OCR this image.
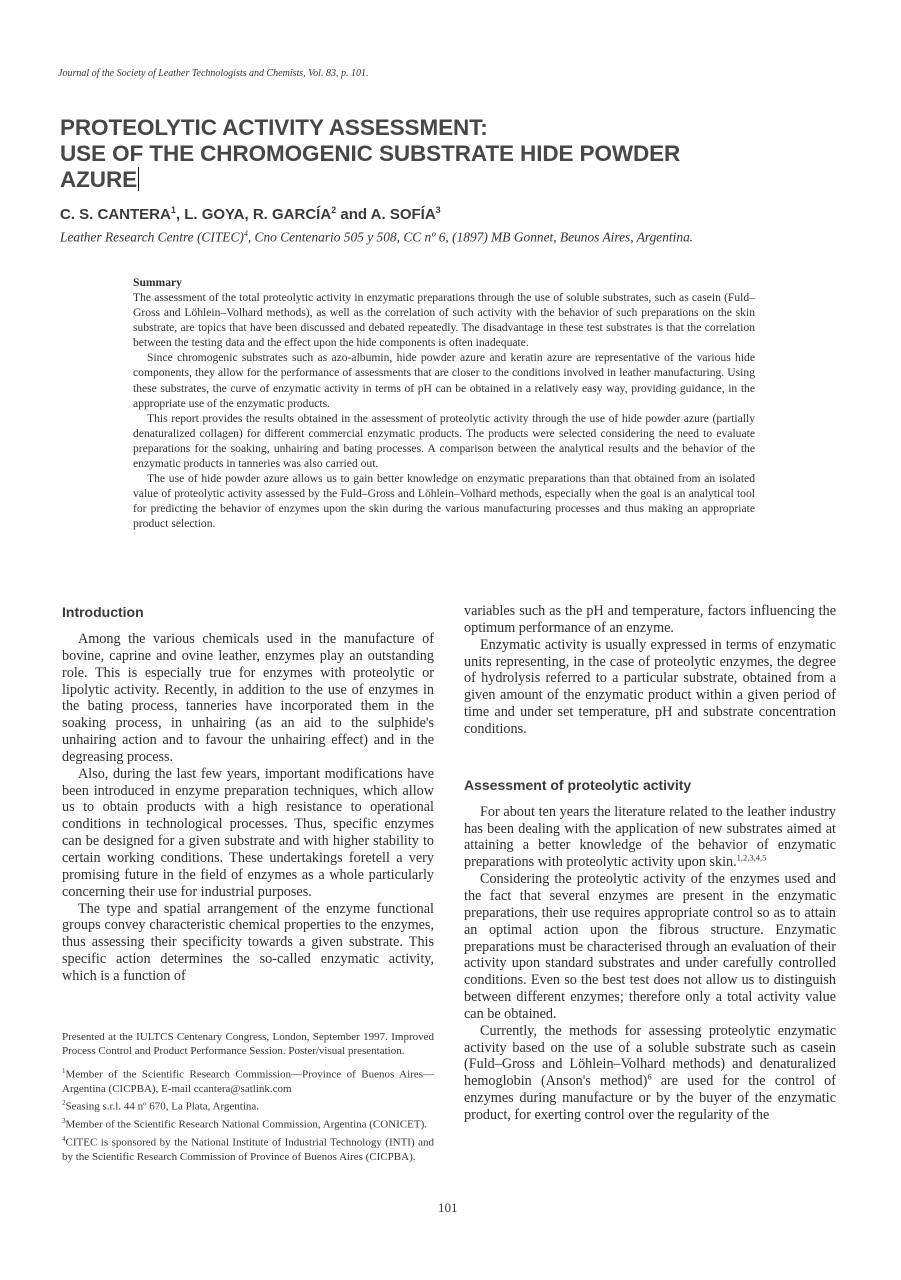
Journal of the Society of Leather Technologists and Chemists, Vol. 83, p. 101.
PROTEOLYTIC ACTIVITY ASSESSMENT:
USE OF THE CHROMOGENIC SUBSTRATE HIDE POWDER
AZURE
C. S. CANTERA$^1$, L. GOYA, R. GARCÍA$^2$ and A. SOFÍA$^3$
Leather Research Centre (CITEC)$^4$, Cno Centenario 505 y 508, CC nº 6, (1897) MB Gonnet, Beunos Aires, Argentina.
Summary

The assessment of the total proteolytic activity in enzymatic preparations through the use of soluble substrates, such as casein (Fuld–Gross and Löhlein–Volhard methods), as well as the correlation of such activity with the behavior of such preparations on the skin substrate, are topics that have been discussed and debated repeatedly. The disadvantage in these test substrates is that the correlation between the testing data and the effect upon the hide components is often inadequate.

Since chromogenic substrates such as azo-albumin, hide powder azure and keratin azure are representative of the various hide components, they allow for the performance of assessments that are closer to the conditions involved in leather manufacturing. Using these substrates, the curve of enzymatic activity in terms of pH can be obtained in a relatively easy way, providing guidance, in the appropriate use of the enzymatic products.

This report provides the results obtained in the assessment of proteolytic activity through the use of hide powder azure (partially denaturalized collagen) for different commercial enzymatic products. The products were selected considering the need to evaluate preparations for the soaking, unhairing and bating processes. A comparison between the analytical results and the behavior of the enzymatic products in tanneries was also carried out.

The use of hide powder azure allows us to gain better knowledge on enzymatic preparations than that obtained from an isolated value of proteolytic activity assessed by the Fuld–Gross and Löhlein–Volhard methods, especially when the goal is an analytical tool for predicting the behavior of enzymes upon the skin during the various manufacturing processes and thus making an appropriate product selection.

Introduction

Among the various chemicals used in the manufacture of bovine, caprine and ovine leather, enzymes play an outstanding role. This is especially true for enzymes with proteolytic or lipolytic activity. Recently, in addition to the use of enzymes in the bating process, tanneries have incorporated them in the soaking process, in unhairing (as an aid to the sulphide's unhairing action and to favour the unhairing effect) and in the degreasing process.

Also, during the last few years, important modifications have been introduced in enzyme preparation techniques, which allow us to obtain products with a high resistance to operational conditions in technological processes. Thus, specific enzymes can be designed for a given substrate and with higher stability to certain working conditions. These undertakings foretell a very promising future in the field of enzymes as a whole particularly concerning their use for industrial purposes.

The type and spatial arrangement of the enzyme functional groups convey characteristic chemical properties to the enzymes, thus assessing their specificity towards a given substrate. This specific action determines the so-called enzymatic activity, which is a function of

Presented at the IULTCS Centenary Congress, London, September 1997. Improved Process Control and Product Performance Session. Poster/visual presentation.

$^1$Member of the Scientific Research Commission—Province of Buenos Aires—Argentina (CICPBA), E-mail ccantera@satlink.com

$^2$Seasing s.r.l. 44 nº 670, La Plata, Argentina.

$^3$Member of the Scientific Research National Commission, Argentina (CONICET).

$^4$CITEC is sponsored by the National Institute of Industrial Technology (INTI) and by the Scientific Research Commission of Province of Buenos Aires (CICPBA).

variables such as the pH and temperature, factors influencing the optimum performance of an enzyme.

Enzymatic activity is usually expressed in terms of enzymatic units representing, in the case of proteolytic enzymes, the degree of hydrolysis referred to a particular substrate, obtained from a given amount of the enzymatic product within a given period of time and under set temperature, pH and substrate concentration conditions.

Assessment of proteolytic activity

For about ten years the literature related to the leather industry has been dealing with the application of new substrates aimed at attaining a better knowledge of the behavior of enzymatic preparations with proteolytic activity upon skin.$^{1,2,3,4,5}$

Considering the proteolytic activity of the enzymes used and the fact that several enzymes are present in the enzymatic preparations, their use requires appropriate control so as to attain an optimal action upon the fibrous structure. Enzymatic preparations must be characterised through an evaluation of their activity upon standard substrates and under carefully controlled conditions. Even so the best test does not allow us to distinguish between different enzymes; therefore only a total activity value can be obtained.

Currently, the methods for assessing proteolytic enzymatic activity based on the use of a soluble substrate such as casein (Fuld–Gross and Löhlein–Volhard methods) and denaturalized hemoglobin (Anson's method)$^6$ are used for the control of enzymes during manufacture or by the buyer of the enzymatic product, for exerting control over the regularity of the

101
